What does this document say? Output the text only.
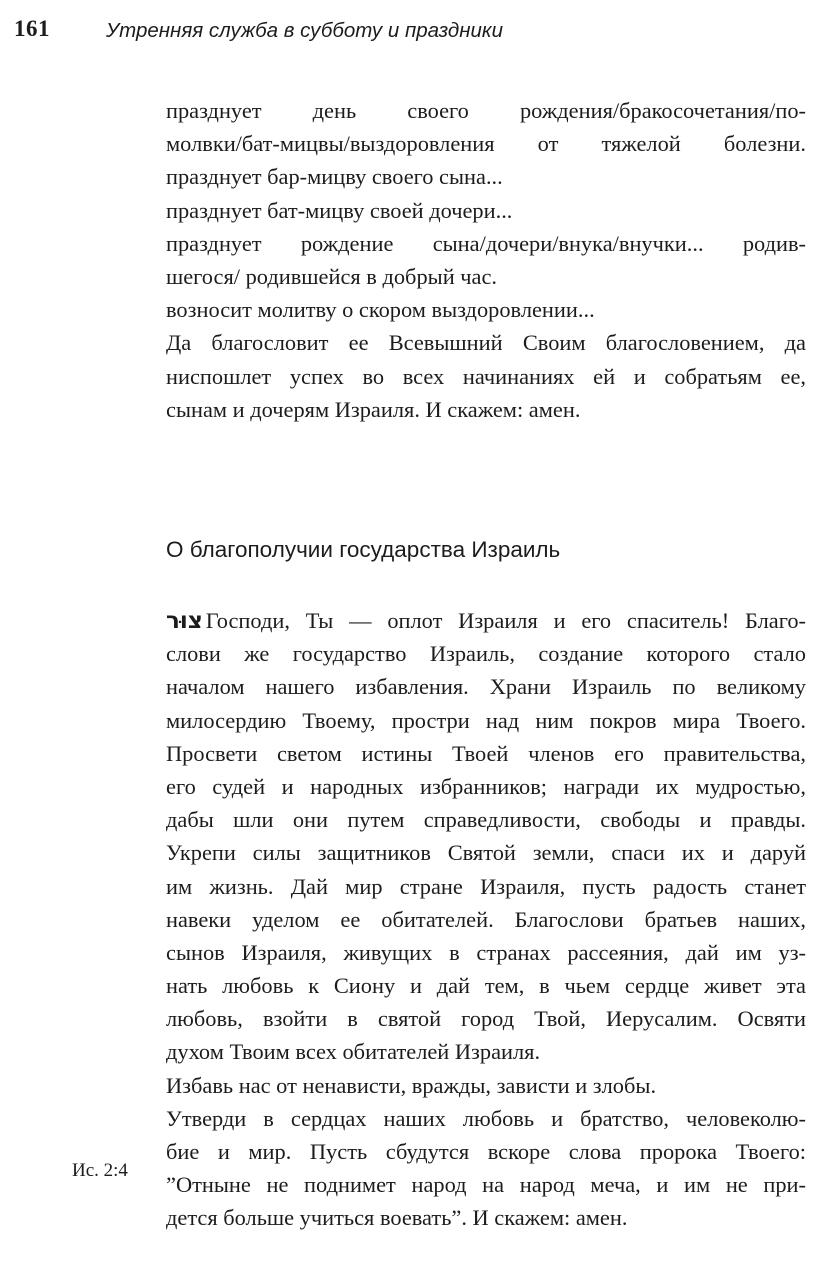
161	Утренняя служба в субботу и праздники
празднует день своего рождения/бракосочетания/по-
молвки/бат-мицвы/выздоровления от тяжелой болезни.
празднует бар-мицву своего сына...
празднует бат-мицву своей дочери...
празднует рождение сына/дочери/внука/внучки... родив-
шегося/ родившейся в добрый час.
возносит молитву о скором выздоровлении...
Да благословит ее Всевышний Своим благословением, да
ниспошлет успех во всех начинаниях ей и собратьям ее,
сынам и дочерям Израиля. И скажем: амен.
О благополучии государства Израиль
צוּר Господи, Ты — оплот Израиля и его спаситель! Благо-
слови же государство Израиль, создание которого стало
началом нашего избавления. Храни Израиль по великому
милосердию Твоему, простри над ним покров мира Твоего.
Просвети светом истины Твоей членов его правительства,
его судей и народных избранников; награди их мудростью,
дабы шли они путем справедливости, свободы и правды.
Укрепи силы защитников Святой земли, спаси их и даруй
им жизнь. Дай мир стране Израиля, пусть радость станет
навеки уделом ее обитателей. Благослови братьев наших,
сынов Израиля, живущих в странах рассеяния, дай им уз-
нать любовь к Сиону и дай тем, в чьем сердце живет эта
любовь, взойти в святой город Твой, Иерусалим. Освяти
духом Твоим всех обитателей Израиля.
Избавь нас от ненависти, вражды, зависти и злобы.
Утверди в сердцах наших любовь и братство, человеколю-
бие и мир. Пусть сбудутся вскоре слова пророка Твоего:
”Отныне не поднимет народ на народ меча, и им не при-
дется больше учиться воевать”. И скажем: амен.
Ис. 2:4
